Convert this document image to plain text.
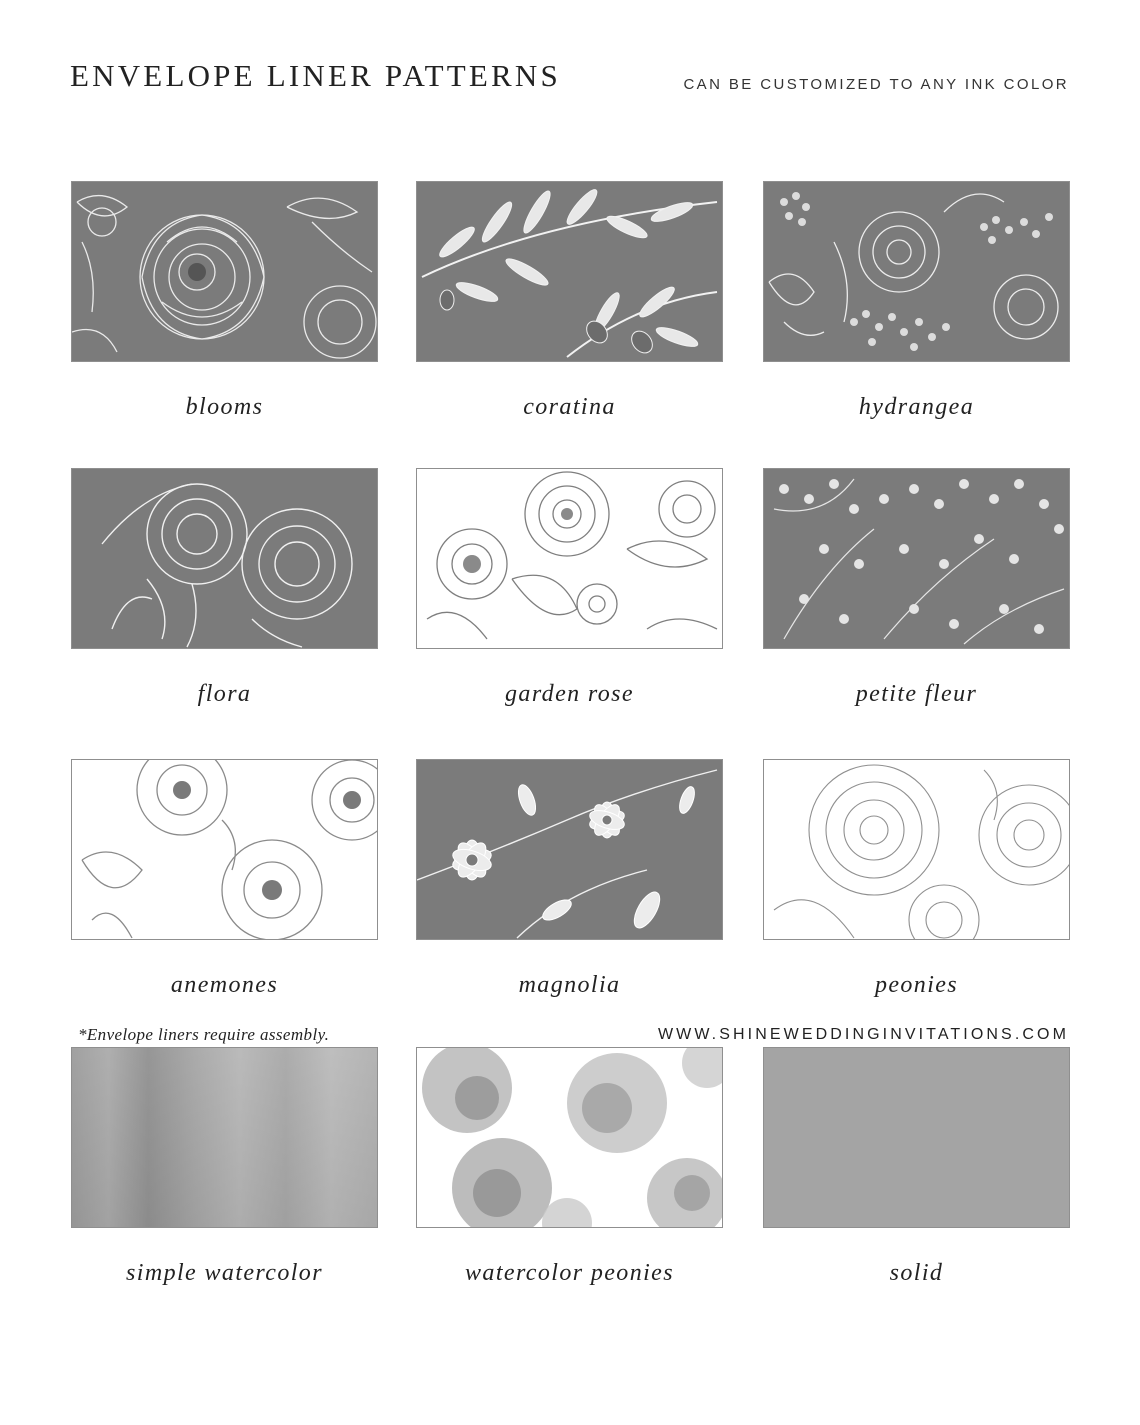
ENVELOPE LINER PATTERNS	CAN BE CUSTOMIZED TO ANY INK COLOR
blooms	coratina	hydrangea
flora	garden rose	petite fleur
anemones	magnolia	peonies
simple watercolor	watercolor peonies	solid
*Envelope liners require assembly.	WWW.SHINEWEDDINGINVITATIONS.COM
